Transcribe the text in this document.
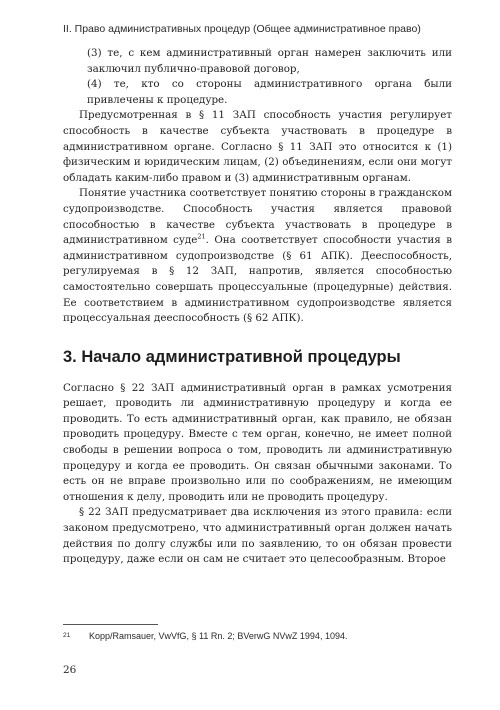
II. Право административных процедур (Общее административное право)

(3) те, с кем административный орган намерен заключить или заключил публично-правовой договор,

(4) те, кто со стороны административного органа были привлечены к процедуре.

Предусмотренная в § 11 ЗАП способность участия регулирует способность в качестве субъекта участвовать в процедуре в административном органе. Согласно § 11 ЗАП это относится к (1) физическим и юридическим лицам, (2) объединениям, если они могут обладать каким-либо правом и (3) административным органам.

Понятие участника соответствует понятию стороны в гражданском судопроизводстве. Способность участия является правовой способностью в качестве субъекта участвовать в процедуре в административном суде$^{21}$. Она соответствует способности участия в административном судопроизводстве (§ 61 АПК). Дееспособность, регулируемая в § 12 ЗАП, напротив, является способностью самостоятельно совершать процессуальные (процедурные) действия. Ее соответствием в административном судопроизводстве является процессуальная дееспособность (§ 62 АПК).

3. Начало административной процедуры

Согласно § 22 ЗАП административный орган в рамках усмотрения решает, проводить ли административную процедуру и когда ее проводить. То есть административный орган, как правило, не обязан проводить процедуру. Вместе с тем орган, конечно, не имеет полной свободы в решении вопроса о том, проводить ли административную процедуру и когда ее проводить. Он связан обычными законами. То есть он не вправе произвольно или по соображениям, не имеющим отношения к делу, проводить или не проводить процедуру.

§ 22 ЗАП предусматривает два исключения из этого правила: если законом предусмотрено, что административный орган должен начать действия по долгу службы или по заявлению, то он обязан провести процедуру, даже если он сам не считает это целесообразным. Второе

21	Kopp/Ramsauer, VwVfG, § 11 Rn. 2; BVerwG NVwZ 1994, 1094.
26
